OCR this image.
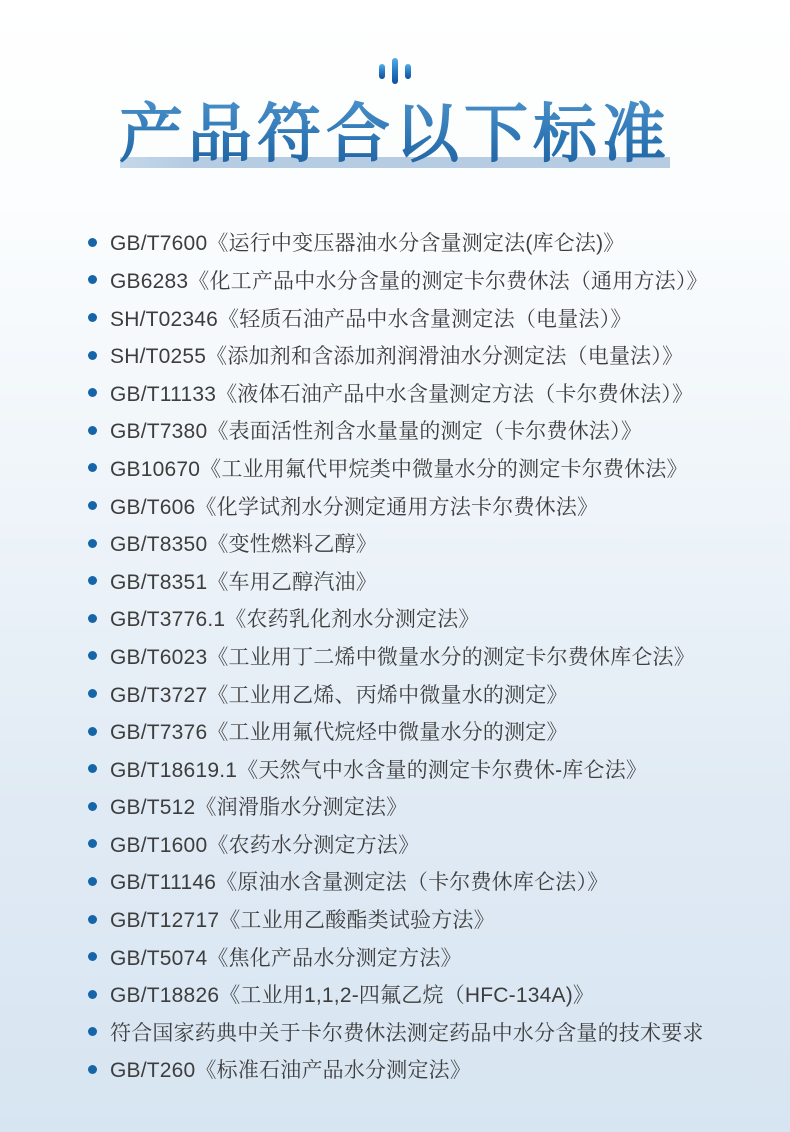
产品符合以下标准
GB/T7600《运行中变压器油水分含量测定法(库仑法)》
GB6283《化工产品中水分含量的测定卡尔费休法（通用方法）》
SH/T02346《轻质石油产品中水含量测定法（电量法）》
SH/T0255《添加剂和含添加剂润滑油水分测定法（电量法）》
GB/T11133《液体石油产品中水含量测定方法（卡尔费休法）》
GB/T7380《表面活性剂含水量量的测定（卡尔费休法）》
GB10670《工业用氟代甲烷类中微量水分的测定卡尔费休法》
GB/T606《化学试剂水分测定通用方法卡尔费休法》
GB/T8350《变性燃料乙醇》
GB/T8351《车用乙醇汽油》
GB/T3776.1《农药乳化剂水分测定法》
GB/T6023《工业用丁二烯中微量水分的测定卡尔费休库仑法》
GB/T3727《工业用乙烯、丙烯中微量水的测定》
GB/T7376《工业用氟代烷烃中微量水分的测定》
GB/T18619.1《天然气中水含量的测定卡尔费休-库仑法》
GB/T512《润滑脂水分测定法》
GB/T1600《农药水分测定方法》
GB/T11146《原油水含量测定法（卡尔费休库仑法）》
GB/T12717《工业用乙酸酯类试验方法》
GB/T5074《焦化产品水分测定方法》
GB/T18826《工业用1,1,2-四氟乙烷（HFC-134A)》
符合国家药典中关于卡尔费休法测定药品中水分含量的技术要求
GB/T260《标准石油产品水分测定法》
